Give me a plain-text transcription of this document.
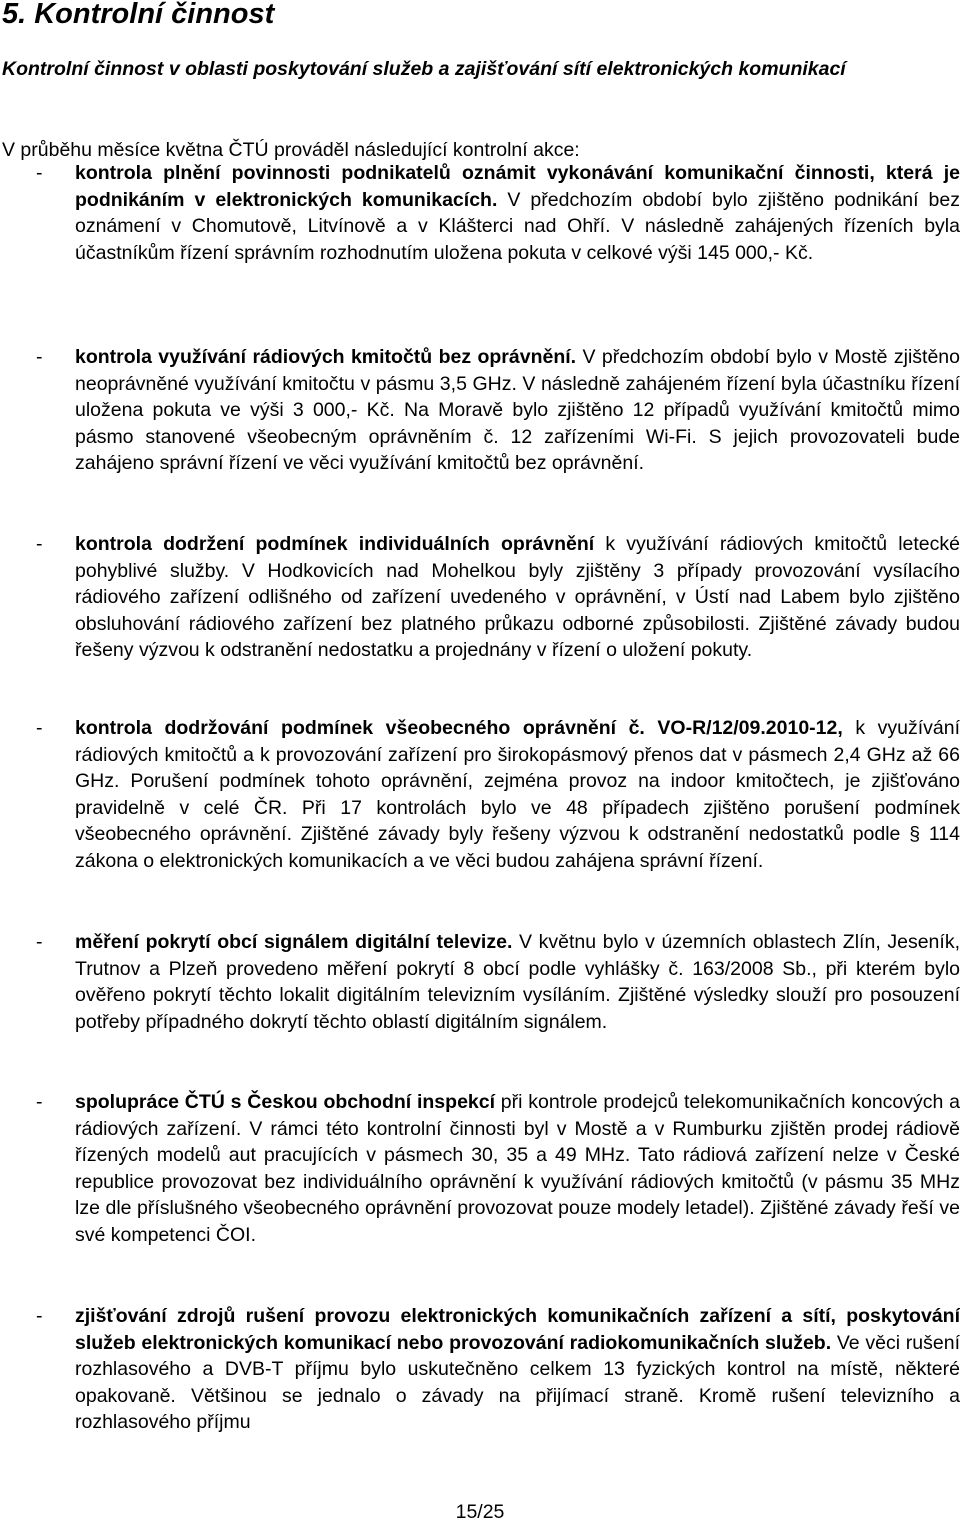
5. Kontrolní činnost

Kontrolní činnost v oblasti poskytování služeb a zajišťování sítí elektronických komunikací

V průběhu měsíce května ČTÚ prováděl následující kontrolní akce:

- kontrola plnění povinnosti podnikatelů oznámit vykonávání komunikační činnosti, která je podnikáním v elektronických komunikacích. V předchozím období bylo zjištěno podnikání bez oznámení v Chomutově, Litvínově a v Klášterci nad Ohří. V následně zahájených řízeních byla účastníkům řízení správním rozhodnutím uložena pokuta v celkové výši 145 000,- Kč.
- kontrola využívání rádiových kmitočtů bez oprávnění. V předchozím období bylo v Mostě zjištěno neoprávněné využívání kmitočtu v pásmu 3,5 GHz. V následně zahájeném řízení byla účastníku řízení uložena pokuta ve výši 3 000,- Kč. Na Moravě bylo zjištěno 12 případů využívání kmitočtů mimo pásmo stanovené všeobecným oprávněním č. 12 zařízeními Wi-Fi. S jejich provozovateli bude zahájeno správní řízení ve věci využívání kmitočtů bez oprávnění.
- kontrola dodržení podmínek individuálních oprávnění k využívání rádiových kmitočtů letecké pohyblivé služby. V Hodkovicích nad Mohelkou byly zjištěny 3 případy provozování vysílacího rádiového zařízení odlišného od zařízení uvedeného v oprávnění, v Ústí nad Labem bylo zjištěno obsluhování rádiového zařízení bez platného průkazu odborné způsobilosti. Zjištěné závady budou řešeny výzvou k odstranění nedostatku a projednány v řízení o uložení pokuty.
- kontrola dodržování podmínek všeobecného oprávnění č. VO-R/12/09.2010-12, k využívání rádiových kmitočtů a k provozování zařízení pro širokopásmový přenos dat v pásmech 2,4 GHz až 66 GHz. Porušení podmínek tohoto oprávnění, zejména provoz na indoor kmitočtech, je zjišťováno pravidelně v celé ČR. Při 17 kontrolách bylo ve 48 případech zjištěno porušení podmínek všeobecného oprávnění. Zjištěné závady byly řešeny výzvou k odstranění nedostatků podle § 114 zákona o elektronických komunikacích a ve věci budou zahájena správní řízení.
- měření pokrytí obcí signálem digitální televize. V květnu bylo v územních oblastech Zlín, Jeseník, Trutnov a Plzeň provedeno měření pokrytí 8 obcí podle vyhlášky č. 163/2008 Sb., při kterém bylo ověřeno pokrytí těchto lokalit digitálním televizním vysíláním. Zjištěné výsledky slouží pro posouzení potřeby případného dokrytí těchto oblastí digitálním signálem.
- spolupráce ČTÚ s Českou obchodní inspekcí při kontrole prodejců telekomunikačních koncových a rádiových zařízení. V rámci této kontrolní činnosti byl v Mostě a v Rumburku zjištěn prodej rádiově řízených modelů aut pracujících v pásmech 30, 35 a 49 MHz. Tato rádiová zařízení nelze v České republice provozovat bez individuálního oprávnění k využívání rádiových kmitočtů (v pásmu 35 MHz lze dle příslušného všeobecného oprávnění provozovat pouze modely letadel). Zjištěné závady řeší ve své kompetenci ČOI.
- zjišťování zdrojů rušení provozu elektronických komunikačních zařízení a sítí, poskytování služeb elektronických komunikací nebo provozování radiokomunikačních služeb. Ve věci rušení rozhlasového a DVB-T příjmu bylo uskutečněno celkem 13 fyzických kontrol na místě, některé opakovaně. Většinou se jednalo o závady na přijímací straně. Kromě rušení televizního a rozhlasového příjmu
15/25
